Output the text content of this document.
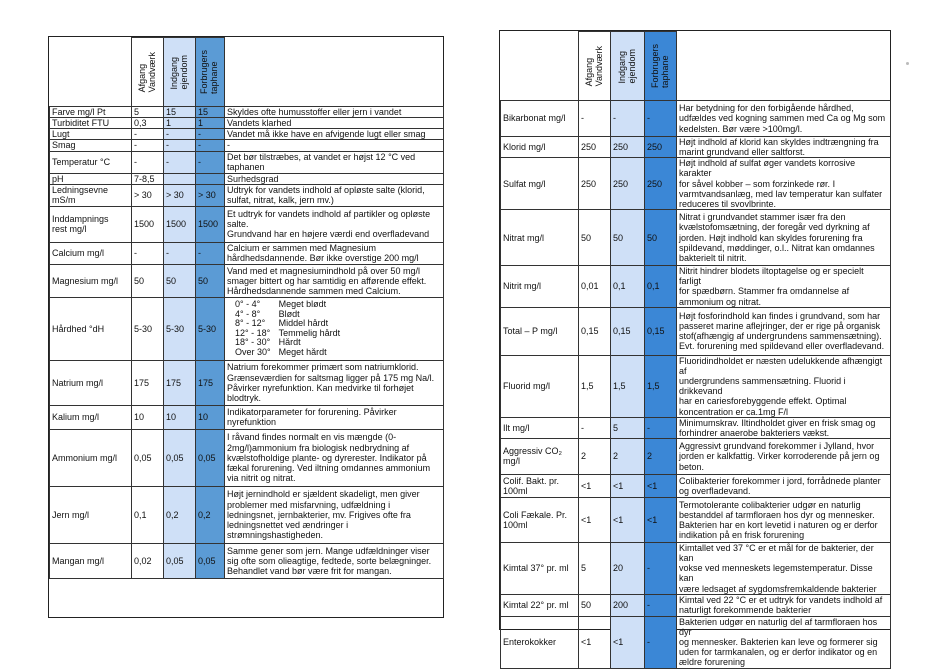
Afgang
Vandværk	Indgang
ejendom	Forbrugers
taphane

Farve mg/l Pt	5	15	15	Skyldes ofte humusstoffer eller jern i vandet
Turbiditet FTU	0,3	1	1	Vandets klarhed
Lugt	-	-	-	Vandet må ikke have en afvigende lugt eller smag
Smag	-	-	-	-
Temperatur °C	-	-	-	Det bør tilstræbes, at vandet er højst 12 °C ved
taphanen
pH	7-8,5			Surhedsgrad
Ledningsevne
mS/m	> 30	> 30	> 30	Udtryk for vandets indhold af opløste salte (klorid,
sulfat, nitrat, kalk, jern mv.)
Inddampnings
rest mg/l	1500	1500	1500	Et udtryk for vandets indhold af partikler og opløste
salte.
Grundvand har en højere værdi end overfladevand
Calcium mg/l	-	-	-	Calcium er sammen med Magnesium
hårdhedsdannende. Bør ikke overstige 200 mg/l
Magnesium mg/l	50	50	50	Vand med et magnesiumindhold på over 50 mg/l
smager bittert og har samtidig en afførende effekt.
Hårdhedsdannende sammen med Calcium.
Hårdhed °dH	5-30	5-30	5-30	
0° - 4°	Meget blødt
4° - 8°	Blødt
8° - 12°	Middel hårdt
12° - 18°	Temmelig hårdt
18° - 30°	Hårdt
Over 30°	Meget hårdt

Natrium mg/l	175	175	175	Natrium forekommer primært som natriumklorid.
Grænseværdien for saltsmag ligger på 175 mg Na/l.
Påvirker nyrefunktion. Kan medvirke til forhøjet
blodtryk.
Kalium mg/l	10	10	10	Indikatorparameter for forurening. Påvirker
nyrefunktion
Ammonium mg/l	0,05	0,05	0,05	I råvand findes normalt en vis mængde (0-
2mg/l)ammonium fra biologisk nedbrydning af
kvælstofholdige plante- og dyrerester. Indikator på
fækal forurening. Ved iltning omdannes ammonium
via nitrit og nitrat.
Jern mg/l	0,1	0,2	0,2	Højt jernindhold er sjældent skadeligt, men giver
problemer med misfarvning, udfældning i
ledningsnet, jernbakterier, mv. Frigives ofte fra
ledningsnettet ved ændringer i
strømningshastigheden.
Mangan mg/l	0,02	0,05	0,05	Samme gener som jern. Mange udfældninger viser
sig ofte som olieagtige, fedtede, sorte belægninger.
Behandlet vand bør være frit for mangan.

	Afgang
Vandværk	Indgang
ejendom	Forbrugers
taphane	

Bikarbonat mg/l	-	-	-	Har betydning for den forbigående hårdhed,
udfældes ved kogning sammen med Ca og Mg som
kedelsten. Bør være >100mg/l.
Klorid mg/l	250	250	250	Højt indhold af klorid kan skyldes indtrængning fra
marint grundvand eller saltforst.
Sulfat mg/l	250	250	250	Højt indhold af sulfat øger vandets korrosive karakter
for såvel kobber – som forzinkede rør. I
varmtvandsanlæg, med lav temperatur kan sulfater
reduceres til svovlbrinte.
Nitrat mg/l	50	50	50	Nitrat i grundvandet stammer især fra den
kvælstofomsætning, der foregår ved dyrkning af
jorden. Højt indhold kan skyldes forurening fra
spildevand, møddinger, o.l.. Nitrat kan omdannes
bakterielt til nitrit.
Nitrit mg/l	0,01	0,1	0,1	Nitrit hindrer blodets iltoptagelse og er specielt farligt
for spædbørn. Stammer fra omdannelse af
ammonium og nitrat.
Total – P mg/l	0,15	0,15	0,15	Højt fosforindhold kan findes i grundvand, som har
passeret marine aflejringer, der er rige på organisk
stof(afhængig af undergrundens sammensætning).
Evt. forurening med spildevand eller overfladevand.
Fluorid mg/l	1,5	1,5	1,5	Fluoridindholdet er næsten udelukkende afhængigt af
undergrundens sammensætning. Fluorid i drikkevand
har en cariesforebyggende effekt. Optimal
koncentration er ca.1mg F/l
Ilt mg/l	-	5	-	Minimumskrav. Iltindholdet giver en frisk smag og
forhindrer anaerobe bakteriers vækst.
Aggressiv CO₂
mg/l	2	2	2	Aggressivt grundvand forekommer i Jylland, hvor
jorden er kalkfattig. Virker korroderende på jern og
beton.
Colif. Bakt. pr.
100ml	<1	<1	<1	Colibakterier forekommer i jord, forrådnede planter
og overfladevand.
Coli Fækale. Pr.
100ml	<1	<1	<1	Termotolerante colibakterier udgør en naturlig
bestanddel af tarmfloraen hos dyr og mennesker.
Bakterien har en kort levetid i naturen og er derfor
indikation på en frisk forurening
Kimtal 37° pr. ml	5	20	-	Kimtallet ved 37 °C er et mål for de bakterier, der kan
vokse ved menneskets legemstemperatur. Disse kan
være ledsaget af sygdomsfremkaldende bakterier
Kimtal 22° pr. ml	50	200	-	Kimtal ved 22 °C er et udtryk for vandets indhold af
naturligt forekommende bakterier
Enterokokker	<1	<1	-	Bakterien udgør en naturlig del af tarmfloraen hos dyr
og mennesker. Bakterien kan leve og formerer sig
uden for tarmkanalen, og er derfor indikator og en
ældre forurening
